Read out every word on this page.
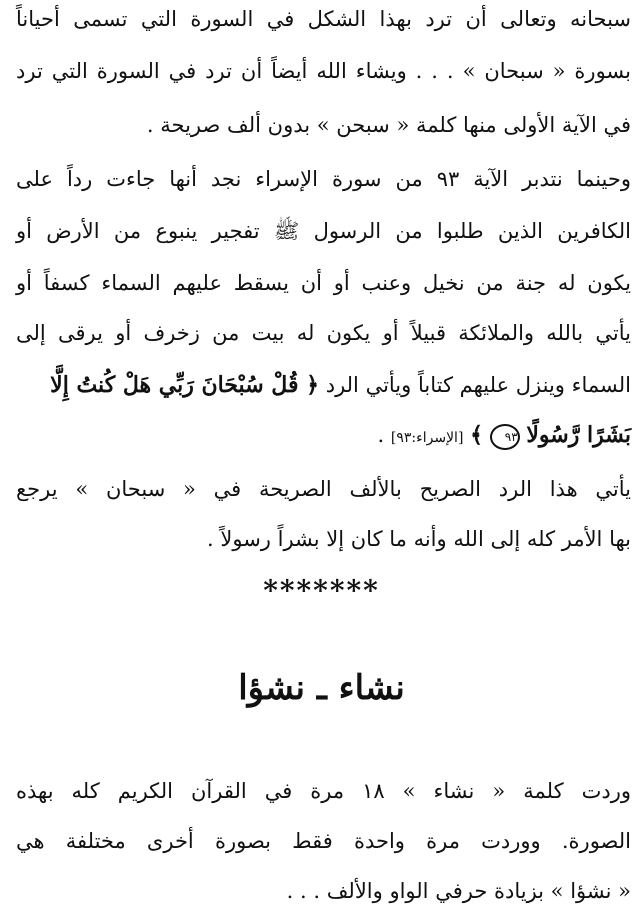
سبحانه وتعالى أن ترد بهذا الشكل في السورة التي تسمى أحياناً
بسورة « سبحان » . . . ويشاء الله أيضاً أن ترد في السورة التي ترد
في الآية الأولى منها كلمة « سبحن » بدون ألف صريحة .
وحينما نتدبر الآية ٩٣ من سورة الإسراء نجد أنها جاءت رداً على
الكافرين الذين طلبوا من الرسول ﷺ تفجير ينبوع من الأرض أو
يكون له جنة من نخيل وعنب أو أن يسقط عليهم السماء كسفاً أو
يأتي بالله والملائكة قبيلاً أو يكون له بيت من زخرف أو يرقى إلى
السماء وينزل عليهم كتاباً ويأتي الرد ﴿ قُلْ سُبْحَانَ رَبِّي هَلْ كُنتُ إِلَّا
بَشَرًا رَّسُولًا ٩٣ ﴾ [الإسراء:٩٣] .
يأتي هذا الرد الصريح بالألف الصريحة في « سبحان » يرجع
بها الأمر كله إلى الله وأنه ما كان إلا بشراً رسولاً .
*******
نشاء ـ نشؤا
وردت كلمة « نشاء » ١٨ مرة في القرآن الكريم كله بهذه
الصورة. ووردت مرة واحدة فقط بصورة أخرى مختلفة هي
« نشؤا » بزيادة حرفي الواو والألف . . .
